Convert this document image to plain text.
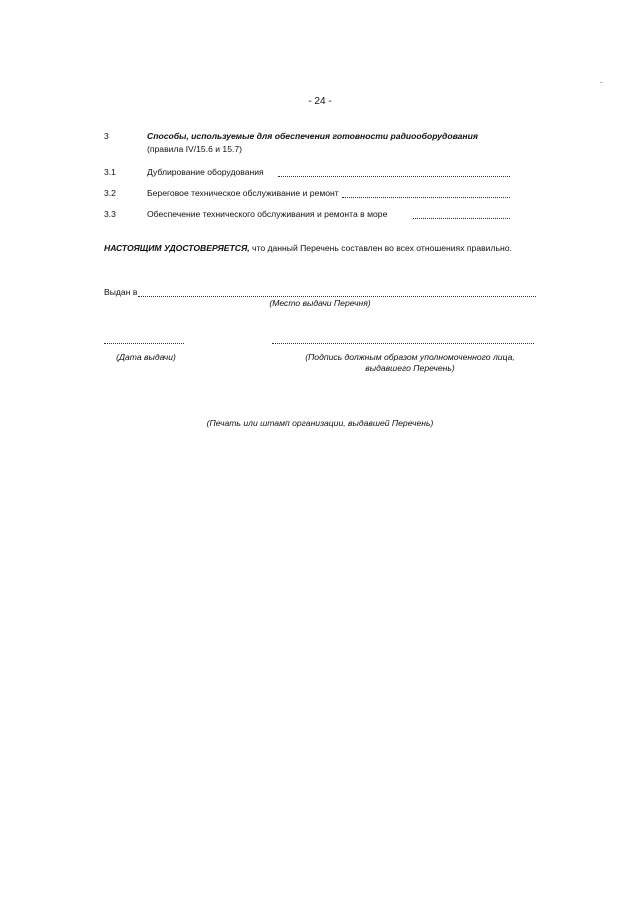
- 24 -
3	Способы, используемые для обеспечения готовности радиооборудования
(правила IV/15.6 и 15.7)
3.1	Дублирование оборудования
3.2	Береговое техническое обслуживание и ремонт
3.3	Обеспечение технического обслуживания и ремонта в море
НАСТОЯЩИМ УДОСТОВЕРЯЕТСЯ, что данный Перечень составлен во всех отношениях правильно.
Выдан в
(Место выдачи Перечня)
(Дата выдачи)	(Подпись должным образом уполномоченного лица,
выдавшего Перечень)
(Печать или штамп организации, выдавшей Перечень)
